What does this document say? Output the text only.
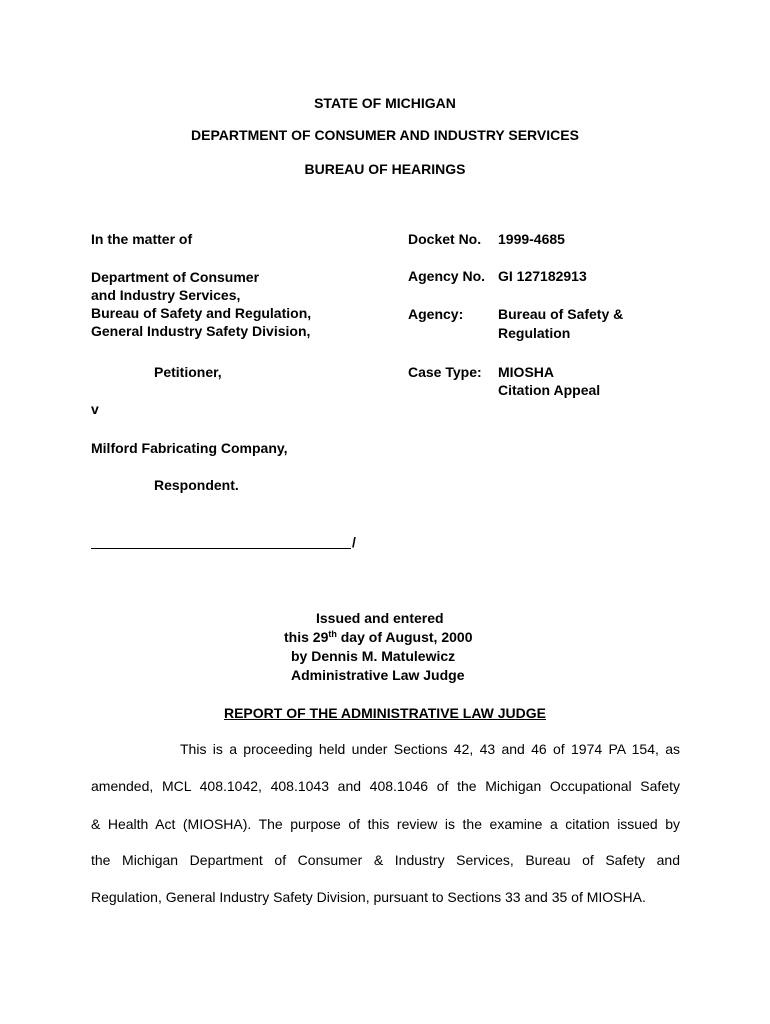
STATE OF MICHIGAN
DEPARTMENT OF CONSUMER AND INDUSTRY SERVICES
BUREAU OF HEARINGS
In the matter of
Department of Consumer
and Industry Services,
Bureau of Safety and Regulation,
General Industry Safety Division,
Petitioner,
v
Milford Fabricating Company,
Respondent.
/
Docket No. 1999-4685
Agency No. GI 127182913
Agency: Bureau of Safety &
Regulation
Case Type: MIOSHA
Citation Appeal
Issued and entered
this 29th day of August, 2000
by Dennis M. Matulewicz
Administrative Law Judge
REPORT OF THE ADMINISTRATIVE LAW JUDGE
This is a proceeding held under Sections 42, 43 and 46 of 1974 PA 154, as
amended, MCL 408.1042, 408.1043 and 408.1046 of the Michigan Occupational Safety
& Health Act (MIOSHA). The purpose of this review is the examine a citation issued by
the Michigan Department of Consumer & Industry Services, Bureau of Safety and
Regulation, General Industry Safety Division, pursuant to Sections 33 and 35 of MIOSHA.
